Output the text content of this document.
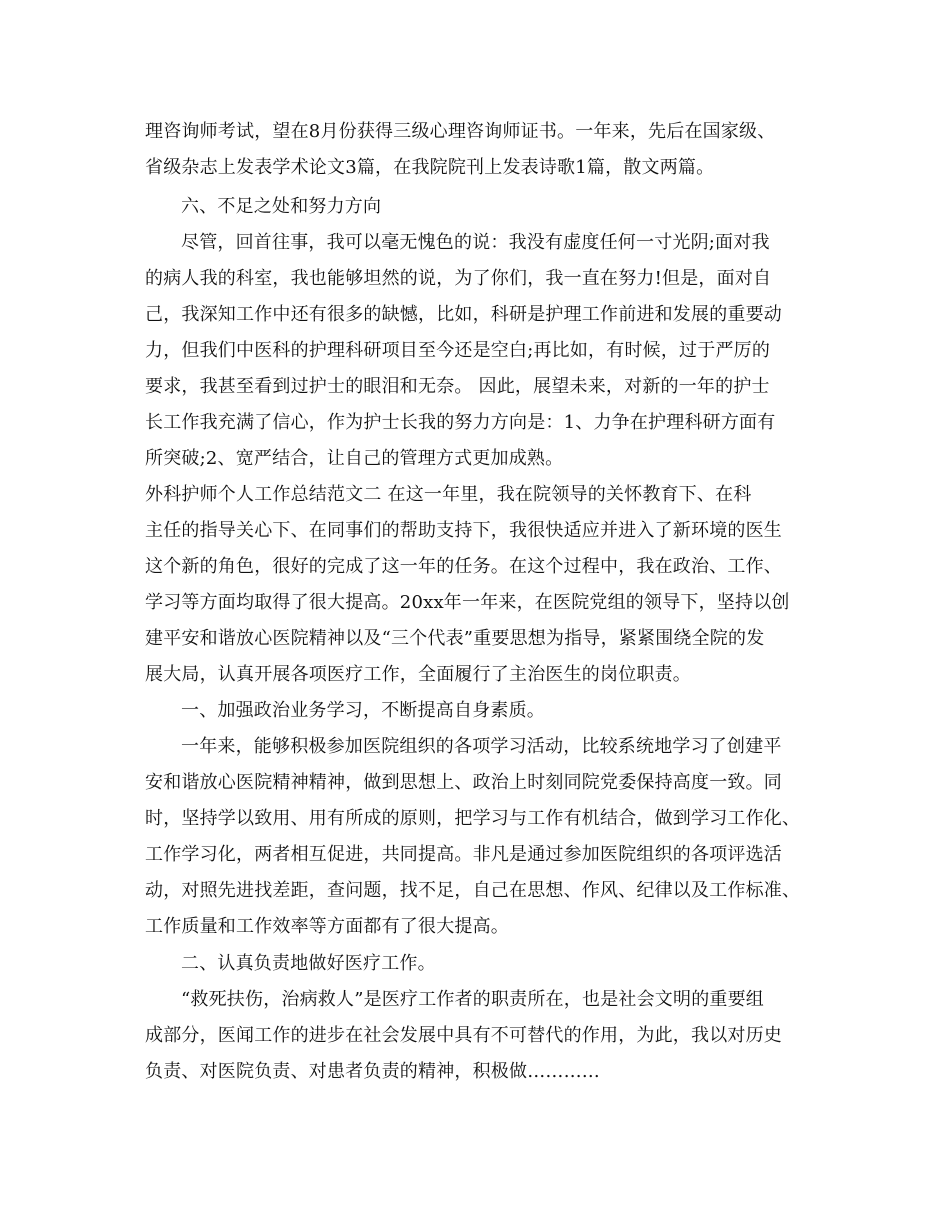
理咨询师考试，望在8月份获得三级心理咨询师证书。一年来，先后在国家级、
省级杂志上发表学术论文3篇，在我院院刊上发表诗歌1篇，散文两篇。
六、不足之处和努力方向
尽管，回首往事，我可以毫无愧色的说：我没有虚度任何一寸光阴;面对我
的病人我的科室，我也能够坦然的说，为了你们，我一直在努力!但是，面对自
己，我深知工作中还有很多的缺憾，比如，科研是护理工作前进和发展的重要动
力，但我们中医科的护理科研项目至今还是空白;再比如，有时候，过于严厉的
要求，我甚至看到过护士的眼泪和无奈。 因此，展望未来，对新的一年的护士
长工作我充满了信心，作为护士长我的努力方向是：1、力争在护理科研方面有
所突破;2、宽严结合，让自己的管理方式更加成熟。
外科护师个人工作总结范文二 在这一年里，我在院领导的关怀教育下、在科
主任的指导关心下、在同事们的帮助支持下，我很快适应并进入了新环境的医生
这个新的角色，很好的完成了这一年的任务。在这个过程中，我在政治、工作、
学习等方面均取得了很大提高。20xx年一年来，在医院党组的领导下，坚持以创
建平安和谐放心医院精神以及“三个代表”重要思想为指导，紧紧围绕全院的发
展大局，认真开展各项医疗工作，全面履行了主治医生的岗位职责。
一、加强政治业务学习，不断提高自身素质。
一年来，能够积极参加医院组织的各项学习活动，比较系统地学习了创建平
安和谐放心医院精神精神，做到思想上、政治上时刻同院党委保持高度一致。同
时，坚持学以致用、用有所成的原则，把学习与工作有机结合，做到学习工作化、
工作学习化，两者相互促进，共同提高。非凡是通过参加医院组织的各项评选活
动，对照先进找差距，查问题，找不足，自己在思想、作风、纪律以及工作标准、
工作质量和工作效率等方面都有了很大提高。
二、认真负责地做好医疗工作。
“救死扶伤，治病救人”是医疗工作者的职责所在，也是社会文明的重要组
成部分，医闻工作的进步在社会发展中具有不可替代的作用，为此，我以对历史
负责、对医院负责、对患者负责的精神，积极做…………
